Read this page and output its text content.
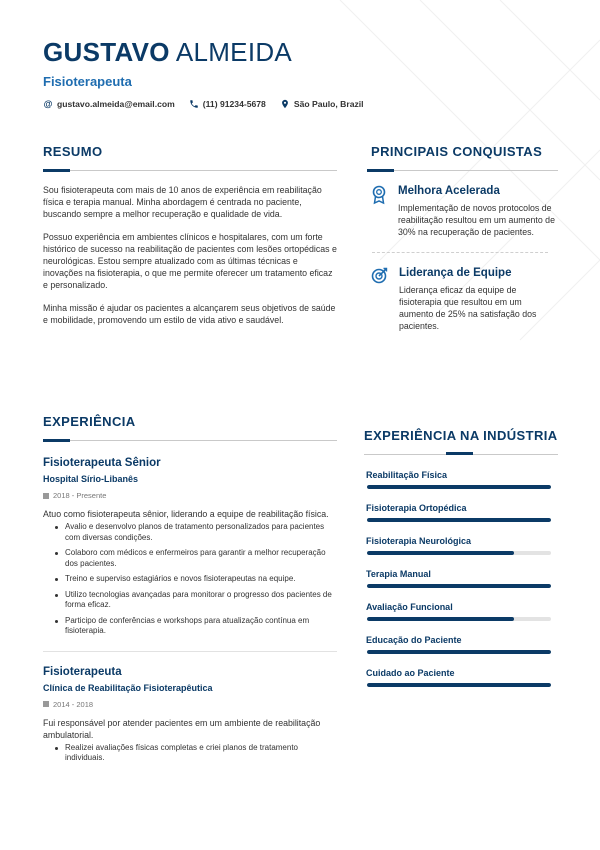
GUSTAVO ALMEIDA
Fisioterapeuta
@ gustavo.almeida@email.com	(11) 91234-5678	São Paulo, Brazil
RESUMO

Sou fisioterapeuta com mais de 10 anos de experiência em reabilitação física e terapia manual. Minha abordagem é centrada no paciente, buscando sempre a melhor recuperação e qualidade de vida.

Possuo experiência em ambientes clínicos e hospitalares, com um forte histórico de sucesso na reabilitação de pacientes com lesões ortopédicas e neurológicas. Estou sempre atualizado com as últimas técnicas e inovações na fisioterapia, o que me permite oferecer um tratamento eficaz e personalizado.

Minha missão é ajudar os pacientes a alcançarem seus objetivos de saúde e mobilidade, promovendo um estilo de vida ativo e saudável.

PRINCIPAIS CONQUISTAS
Melhora Acelerada
Implementação de novos protocolos de reabilitação resultou em um aumento de 30% na recuperação de pacientes.
Liderança de Equipe
Liderança eficaz da equipe de fisioterapia que resultou em um aumento de 25% na satisfação dos pacientes.
EXPERIÊNCIA
Fisioterapeuta Sênior
Hospital Sírio-Libanês
2018 - Presente
Atuo como fisioterapeuta sênior, liderando a equipe de reabilitação física.
Avalio e desenvolvo planos de tratamento personalizados para pacientes com diversas condições.
Colaboro com médicos e enfermeiros para garantir a melhor recuperação dos pacientes.
Treino e superviso estagiários e novos fisioterapeutas na equipe.
Utilizo tecnologias avançadas para monitorar o progresso dos pacientes de forma eficaz.
Participo de conferências e workshops para atualização contínua em fisioterapia.
Fisioterapeuta
Clínica de Reabilitação Fisioterapêutica
2014 - 2018
Fui responsável por atender pacientes em um ambiente de reabilitação ambulatorial.
Realizei avaliações físicas completas e criei planos de tratamento individuais.
EXPERIÊNCIA NA INDÚSTRIA
Reabilitação Física
Fisioterapia Ortopédica
Fisioterapia Neurológica
Terapia Manual
Avaliação Funcional
Educação do Paciente
Cuidado ao Paciente
